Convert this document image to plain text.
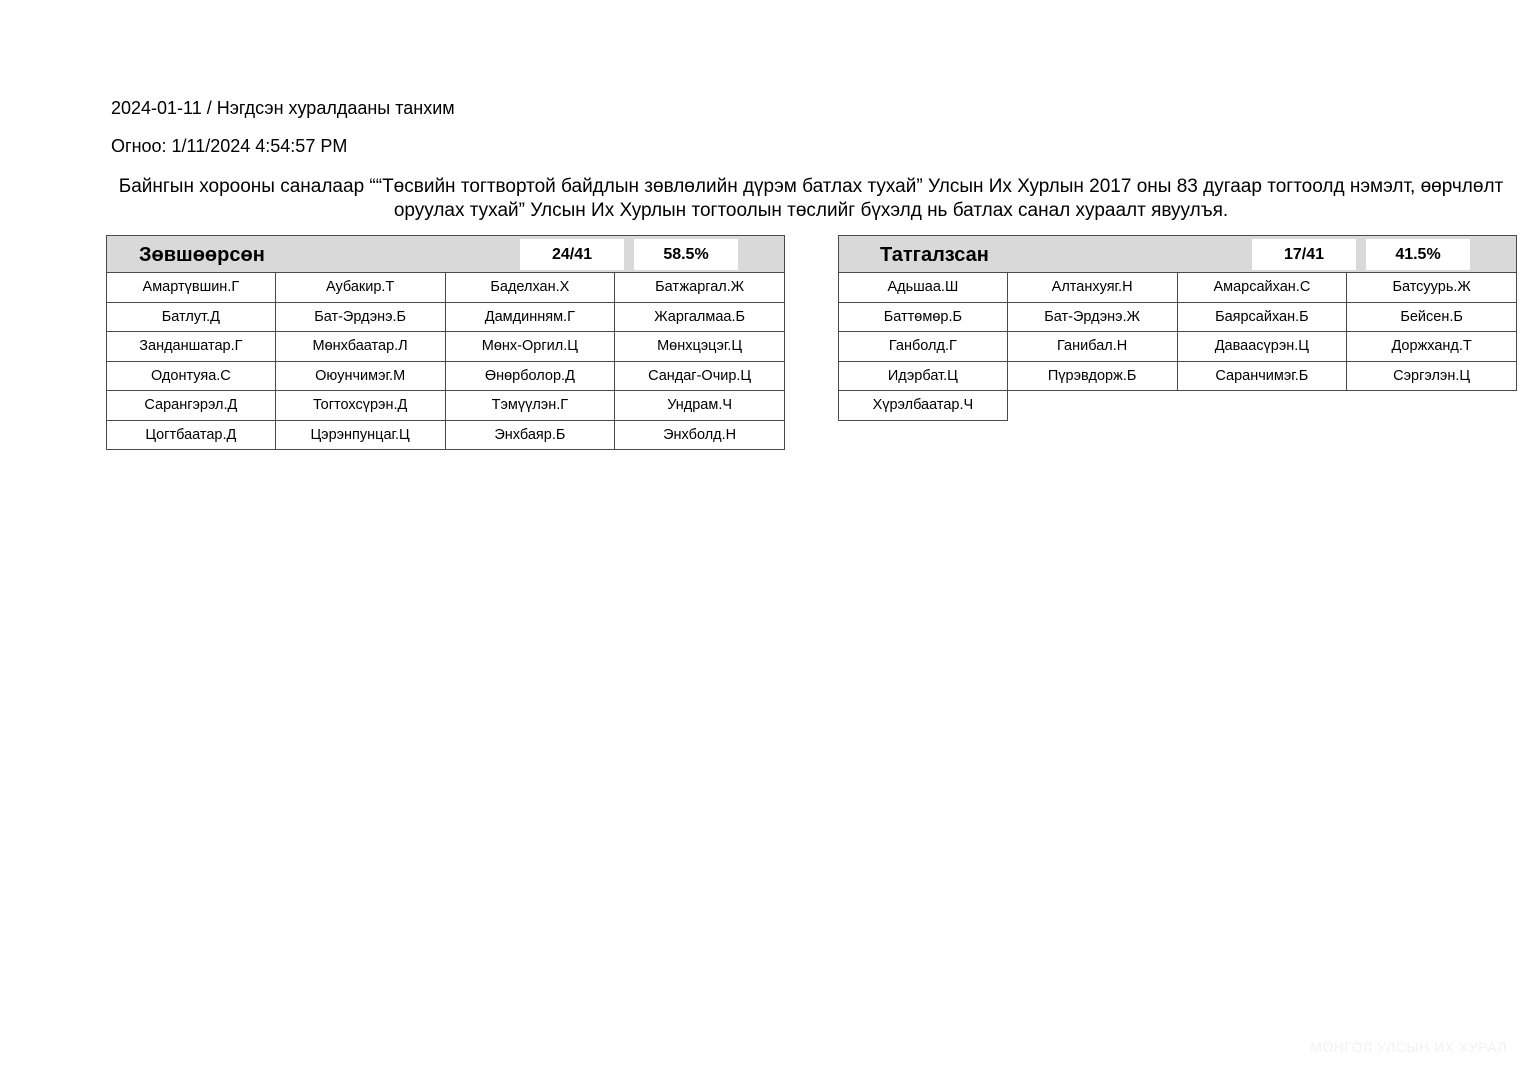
2024-01-11 / Нэгдсэн хуралдааны танхим
Огноо: 1/11/2024 4:54:57 PM
Байнгын хорооны саналаар ““Төсвийн тогтвортой байдлын зөвлөлийн дүрэм батлах тухай” Улсын Их Хурлын 2017 оны 83 дугаар тогтоолд нэмэлт, өөрчлөлт оруулах тухай” Улсын Их Хурлын тогтоолын төслийг бүхэлд нь батлах санал хураалт явуулъя.
Зөвшөөрсөн	24/41	58.5%
Амартүвшин.Г	Аубакир.Т	Баделхан.Х	Батжаргал.Ж
Батлут.Д	Бат-Эрдэнэ.Б	Дамдинням.Г	Жаргалмаа.Б
Занданшатар.Г	Мөнхбаатар.Л	Мөнх-Оргил.Ц	Мөнхцэцэг.Ц
Одонтуяа.С	Оюунчимэг.М	Өнөрболор.Д	Сандаг-Очир.Ц
Сарангэрэл.Д	Тогтохсүрэн.Д	Тэмүүлэн.Г	Ундрам.Ч
Цогтбаатар.Д	Цэрэнпунцаг.Ц	Энхбаяр.Б	Энхболд.Н
Татгалзсан	17/41	41.5%
Адьшаа.Ш	Алтанхуяг.Н	Амарсайхан.С	Батсуурь.Ж
Баттөмөр.Б	Бат-Эрдэнэ.Ж	Баярсайхан.Б	Бейсен.Б
Ганболд.Г	Ганибал.Н	Даваасүрэн.Ц	Доржханд.Т
Идэрбат.Ц	Пүрэвдорж.Б	Саранчимэг.Б	Сэргэлэн.Ц
Хүрэлбаатар.Ч
МОНГОЛ УЛСЫН ИХ ХУРАЛ
